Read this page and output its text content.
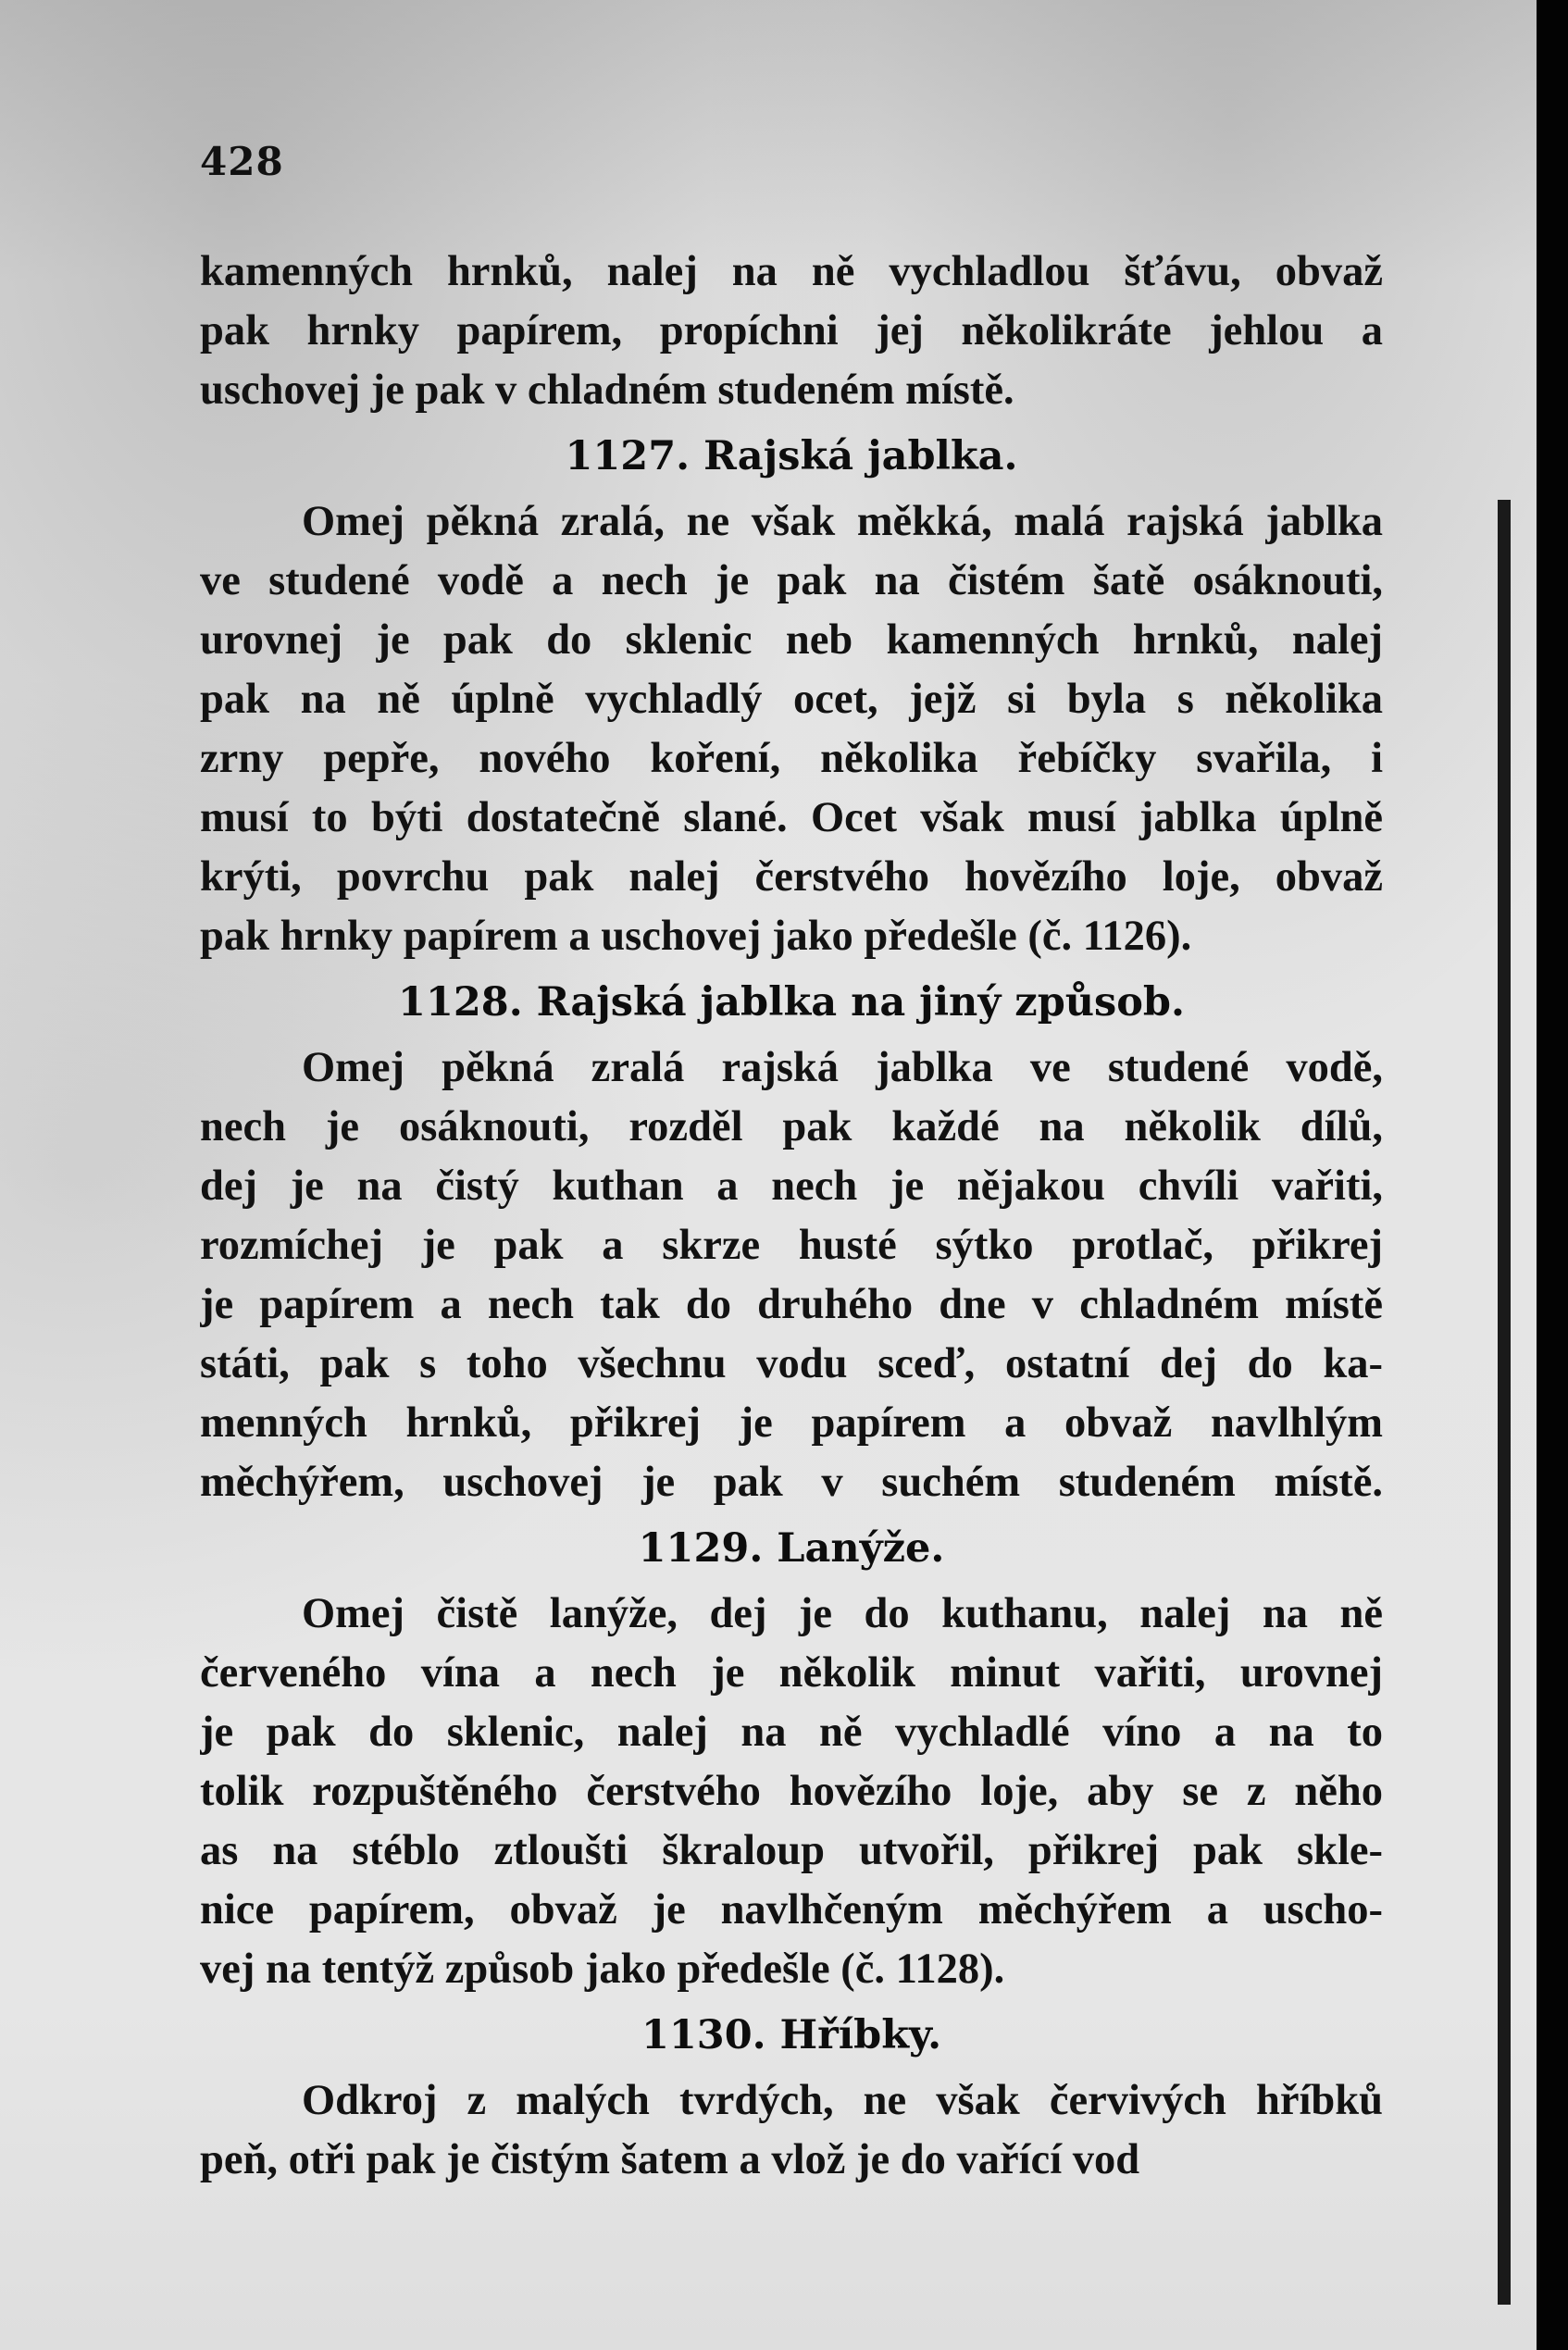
428
kamenných hrnků, nalej na ně vychladlou šťávu, obvaž
pak hrnky papírem, propíchni jej několikráte jehlou a
uschovej je pak v chladném studeném místě.
1127. Rajská jablka.
Omej pěkná zralá, ne však měkká, malá rajská jablka
ve studené vodě a nech je pak na čistém šatě osáknouti,
urovnej je pak do sklenic neb kamenných hrnků, nalej
pak na ně úplně vychladlý ocet, jejž si byla s několika
zrny pepře, nového koření, několika řebíčky svařila, i
musí to býti dostatečně slané. Ocet však musí jablka úplně
krýti, povrchu pak nalej čerstvého hovězího loje, obvaž
pak hrnky papírem a uschovej jako předešle (č. 1126).
1128. Rajská jablka na jiný způsob.
Omej pěkná zralá rajská jablka ve studené vodě,
nech je osáknouti, rozděl pak každé na několik dílů,
dej je na čistý kuthan a nech je nějakou chvíli vařiti,
rozmíchej je pak a skrze husté sýtko protlač, přikrej
je papírem a nech tak do druhého dne v chladném místě
státi, pak s toho všechnu vodu sceď, ostatní dej do ka-
menných hrnků, přikrej je papírem a obvaž navlhlým
měchýřem, uschovej je pak v suchém studeném místě.
1129. Lanýže.
Omej čistě lanýže, dej je do kuthanu, nalej na ně
červeného vína a nech je několik minut vařiti, urovnej
je pak do sklenic, nalej na ně vychladlé víno a na to
tolik rozpuštěného čerstvého hovězího loje, aby se z něho
as na stéblo ztloušti škraloup utvořil, přikrej pak skle-
nice papírem, obvaž je navlhčeným měchýřem a uscho-
vej na tentýž způsob jako předešle (č. 1128).
1130. Hříbky.
Odkroj z malých tvrdých, ne však červivých hříbků
peň, otři pak je čistým šatem a vlož je do vařící vod
